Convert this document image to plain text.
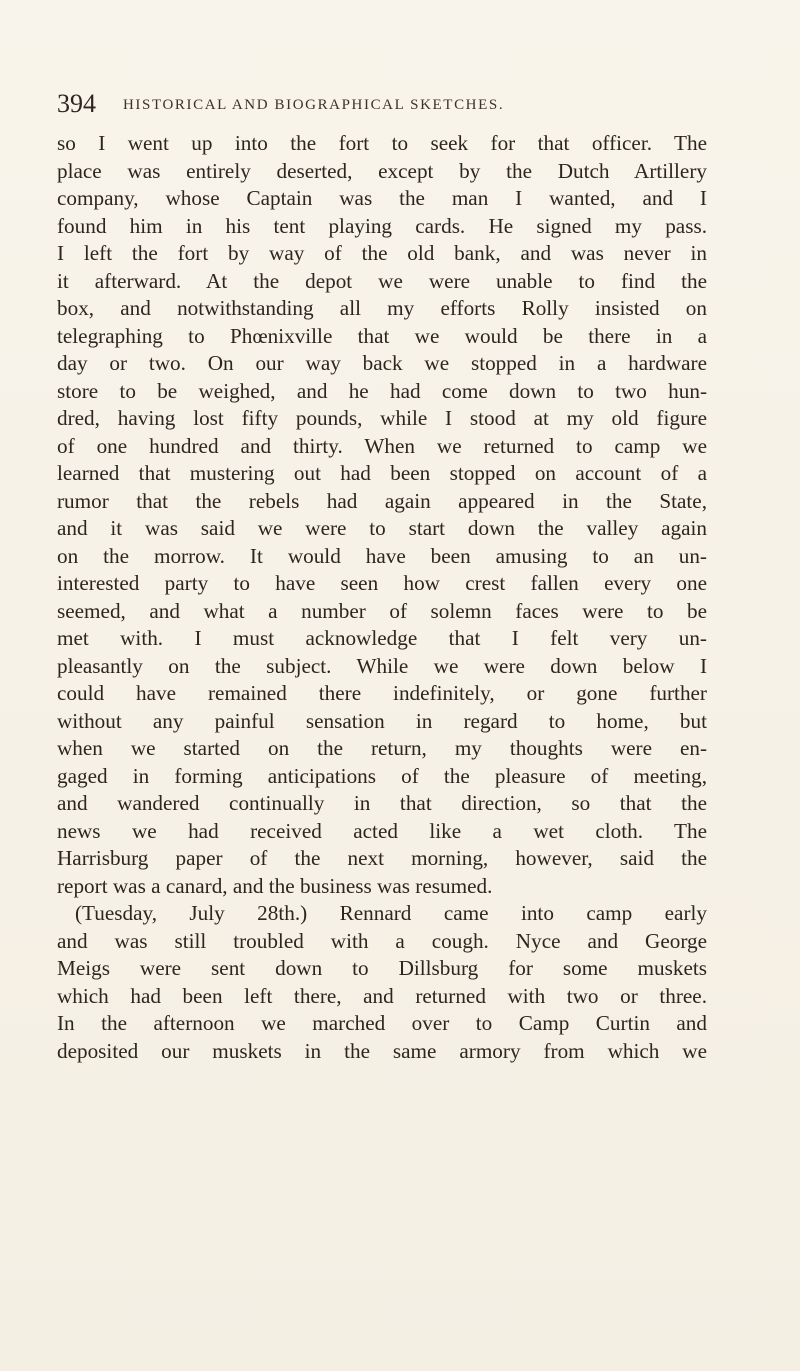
394 HISTORICAL AND BIOGRAPHICAL SKETCHES.
so I went up into the fort to seek for that officer. The
place was entirely deserted, except by the Dutch Artillery
company, whose Captain was the man I wanted, and I
found him in his tent playing cards. He signed my pass.
I left the fort by way of the old bank, and was never in
it afterward. At the depot we were unable to find the
box, and notwithstanding all my efforts Rolly insisted on
telegraphing to Phœnixville that we would be there in a
day or two. On our way back we stopped in a hardware
store to be weighed, and he had come down to two hun-
dred, having lost fifty pounds, while I stood at my old figure
of one hundred and thirty. When we returned to camp we
learned that mustering out had been stopped on account of a
rumor that the rebels had again appeared in the State,
and it was said we were to start down the valley again
on the morrow. It would have been amusing to an un-
interested party to have seen how crest fallen every one
seemed, and what a number of solemn faces were to be
met with. I must acknowledge that I felt very un-
pleasantly on the subject. While we were down below I
could have remained there indefinitely, or gone further
without any painful sensation in regard to home, but
when we started on the return, my thoughts were en-
gaged in forming anticipations of the pleasure of meeting,
and wandered continually in that direction, so that the
news we had received acted like a wet cloth. The
Harrisburg paper of the next morning, however, said the
report was a canard, and the business was resumed.
(Tuesday, July 28th.) Rennard came into camp early
and was still troubled with a cough. Nyce and George
Meigs were sent down to Dillsburg for some muskets
which had been left there, and returned with two or three.
In the afternoon we marched over to Camp Curtin and
deposited our muskets in the same armory from which we
